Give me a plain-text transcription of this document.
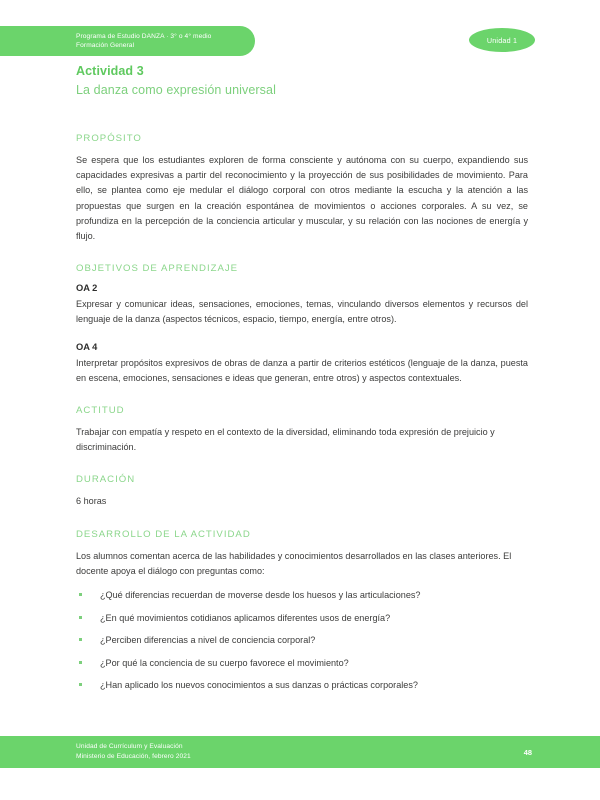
Programa de Estudio DANZA · 3° o 4° medio
Formación General
Unidad 1
Actividad 3
La danza como expresión universal
PROPÓSITO

Se espera que los estudiantes exploren de forma consciente y autónoma con su cuerpo, expandiendo sus capacidades expresivas a partir del reconocimiento y la proyección de sus posibilidades de movimiento. Para ello, se plantea como eje medular el diálogo corporal con otros mediante la escucha y la atención a las propuestas que surgen en la creación espontánea de movimientos o acciones corporales. A su vez, se profundiza en la percepción de la conciencia articular y muscular, y su relación con las nociones de energía y flujo.

OBJETIVOS DE APRENDIZAJE
OA 2

Expresar y comunicar ideas, sensaciones, emociones, temas, vinculando diversos elementos y recursos del lenguaje de la danza (aspectos técnicos, espacio, tiempo, energía, entre otros).

OA 4

Interpretar propósitos expresivos de obras de danza a partir de criterios estéticos (lenguaje de la danza, puesta en escena, emociones, sensaciones e ideas que generan, entre otros) y aspectos contextuales.

ACTITUD

Trabajar con empatía y respeto en el contexto de la diversidad, eliminando toda expresión de prejuicio y discriminación.

DURACIÓN

6 horas

DESARROLLO DE LA ACTIVIDAD

Los alumnos comentan acerca de las habilidades y conocimientos desarrollados en las clases anteriores. El docente apoya el diálogo con preguntas como:

¿Qué diferencias recuerdan de moverse desde los huesos y las articulaciones?
¿En qué movimientos cotidianos aplicamos diferentes usos de energía?
¿Perciben diferencias a nivel de conciencia corporal?
¿Por qué la conciencia de su cuerpo favorece el movimiento?
¿Han aplicado los nuevos conocimientos a sus danzas o prácticas corporales?
Unidad de Currículum y Evaluación
Ministerio de Educación, febrero 2021	48
